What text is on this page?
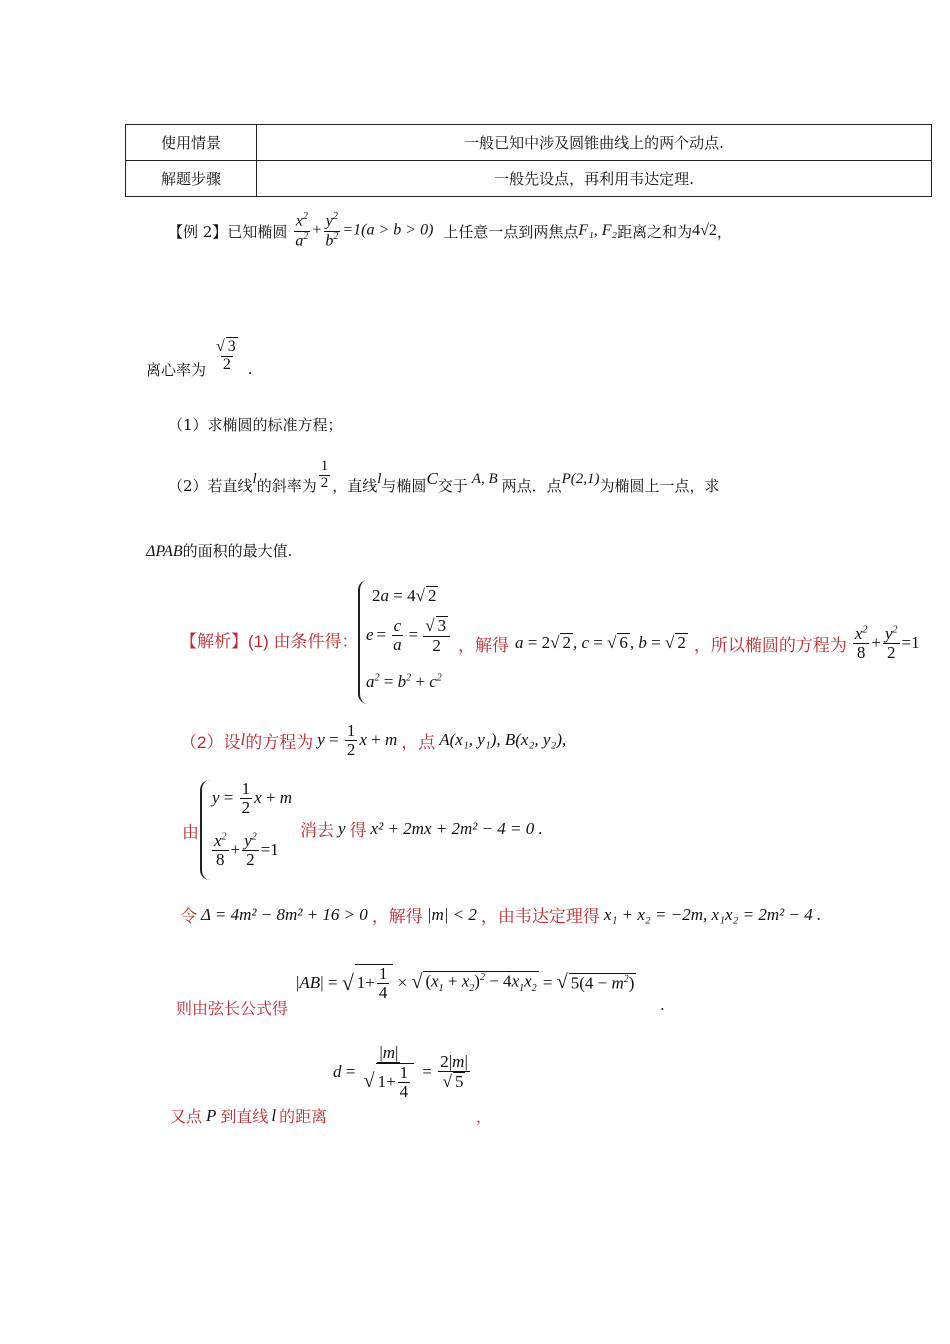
使用情景	一般已知中涉及圆锥曲线上的两个动点.
解题步骤	一般先设点，再利用韦达定理.
【例 2】 已知椭圆 $\frac{x^2}{a^2} + \frac{y^2}{b^2} =1(a > b > 0)$ 上任意一点到两焦点 F₁, F₂ 距离之和为 4√2 ，
离心率为 $\frac{√ 3}{2}$ .
（1）求椭圆的标准方程；
（2）若直线 l 的斜率为 $\frac{1}{2}$ ，直线 l 与椭圆 C 交于 A, B 两点．点 P(2,1) 为椭圆上一点，求
ΔPAB的面积的最大值.
【解析】(1) 由条件得：
2a = 4√ 2
$e = \frac{c}{a} = \frac{√ 3}{2}$
$a^2 = b^2 + c^2$
，解得 a = 2√ 2 , c = √ 6 , b = √ 2 ，所以椭圆的方程为 $\frac{x^2}{8} + \frac{y^2}{2} =1$
（2）设 l 的方程为 $y = \frac{1}{2}$ x + m ，点 A(x₁, y₁), B(x₂, y₂),
由
$y = \frac{1}{2}$ x + m
$\frac{x^2}{8} + \frac{y^2}{2} =1$
消去 y 得 x² + 2mx + 2m² − 4 = 0 .
令 Δ = 4m² − 8m² + 16 > 0 ，解得 |m| < 2 ，由韦达定理得 x₁ + x₂ = −2m, x₁x₂ = 2m² − 4 .
| AB | = √ $1+ \frac{1}{4}$ × √ $(x_1 + x_2)^2 - 4x_1x_2$ = √ $5(4 - m^2)$
则由弦长公式得	.
$d = \frac{|m|}{√ 1+ \frac{1}{4}} = \frac{2|m|}{√ 5}$
又点 P 到直线 l 的距离	，
